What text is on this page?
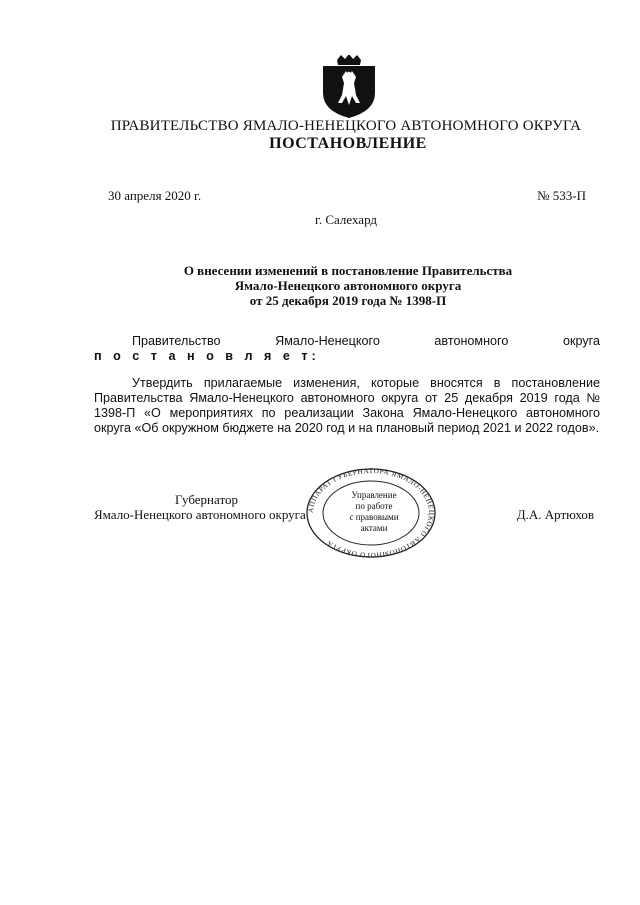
ПРАВИТЕЛЬСТВО ЯМАЛО-НЕНЕЦКОГО АВТОНОМНОГО ОКРУГА
ПОСТАНОВЛЕНИЕ
30 апреля 2020 г.	№ 533-П
г. Салехард
О внесении изменений в постановление Правительства
Ямало-Ненецкого автономного округа
от 25 декабря 2019 года № 1398-П
Правительство	Ямало-Ненецкого	автономного	округа
п о с т а н о в л я е т:
Утвердить прилагаемые изменения, которые вносятся в постановление Правительства Ямало-Ненецкого автономного округа от 25 декабря 2019 года № 1398-П «О мероприятиях по реализации Закона Ямало-Ненецкого автономного округа «Об окружном бюджете на 2020 год и на плановый период 2021 и 2022 годов».
Губернатор
Ямало-Ненецкого автономного округа	Д.А. Артюхов
АППАРАТ ГУБЕРНАТОРА ЯМАЛО-НЕНЕЦКОГО АВТОНОМНОГО ОКРУГА
Управление
по работе
с правовыми
актами
